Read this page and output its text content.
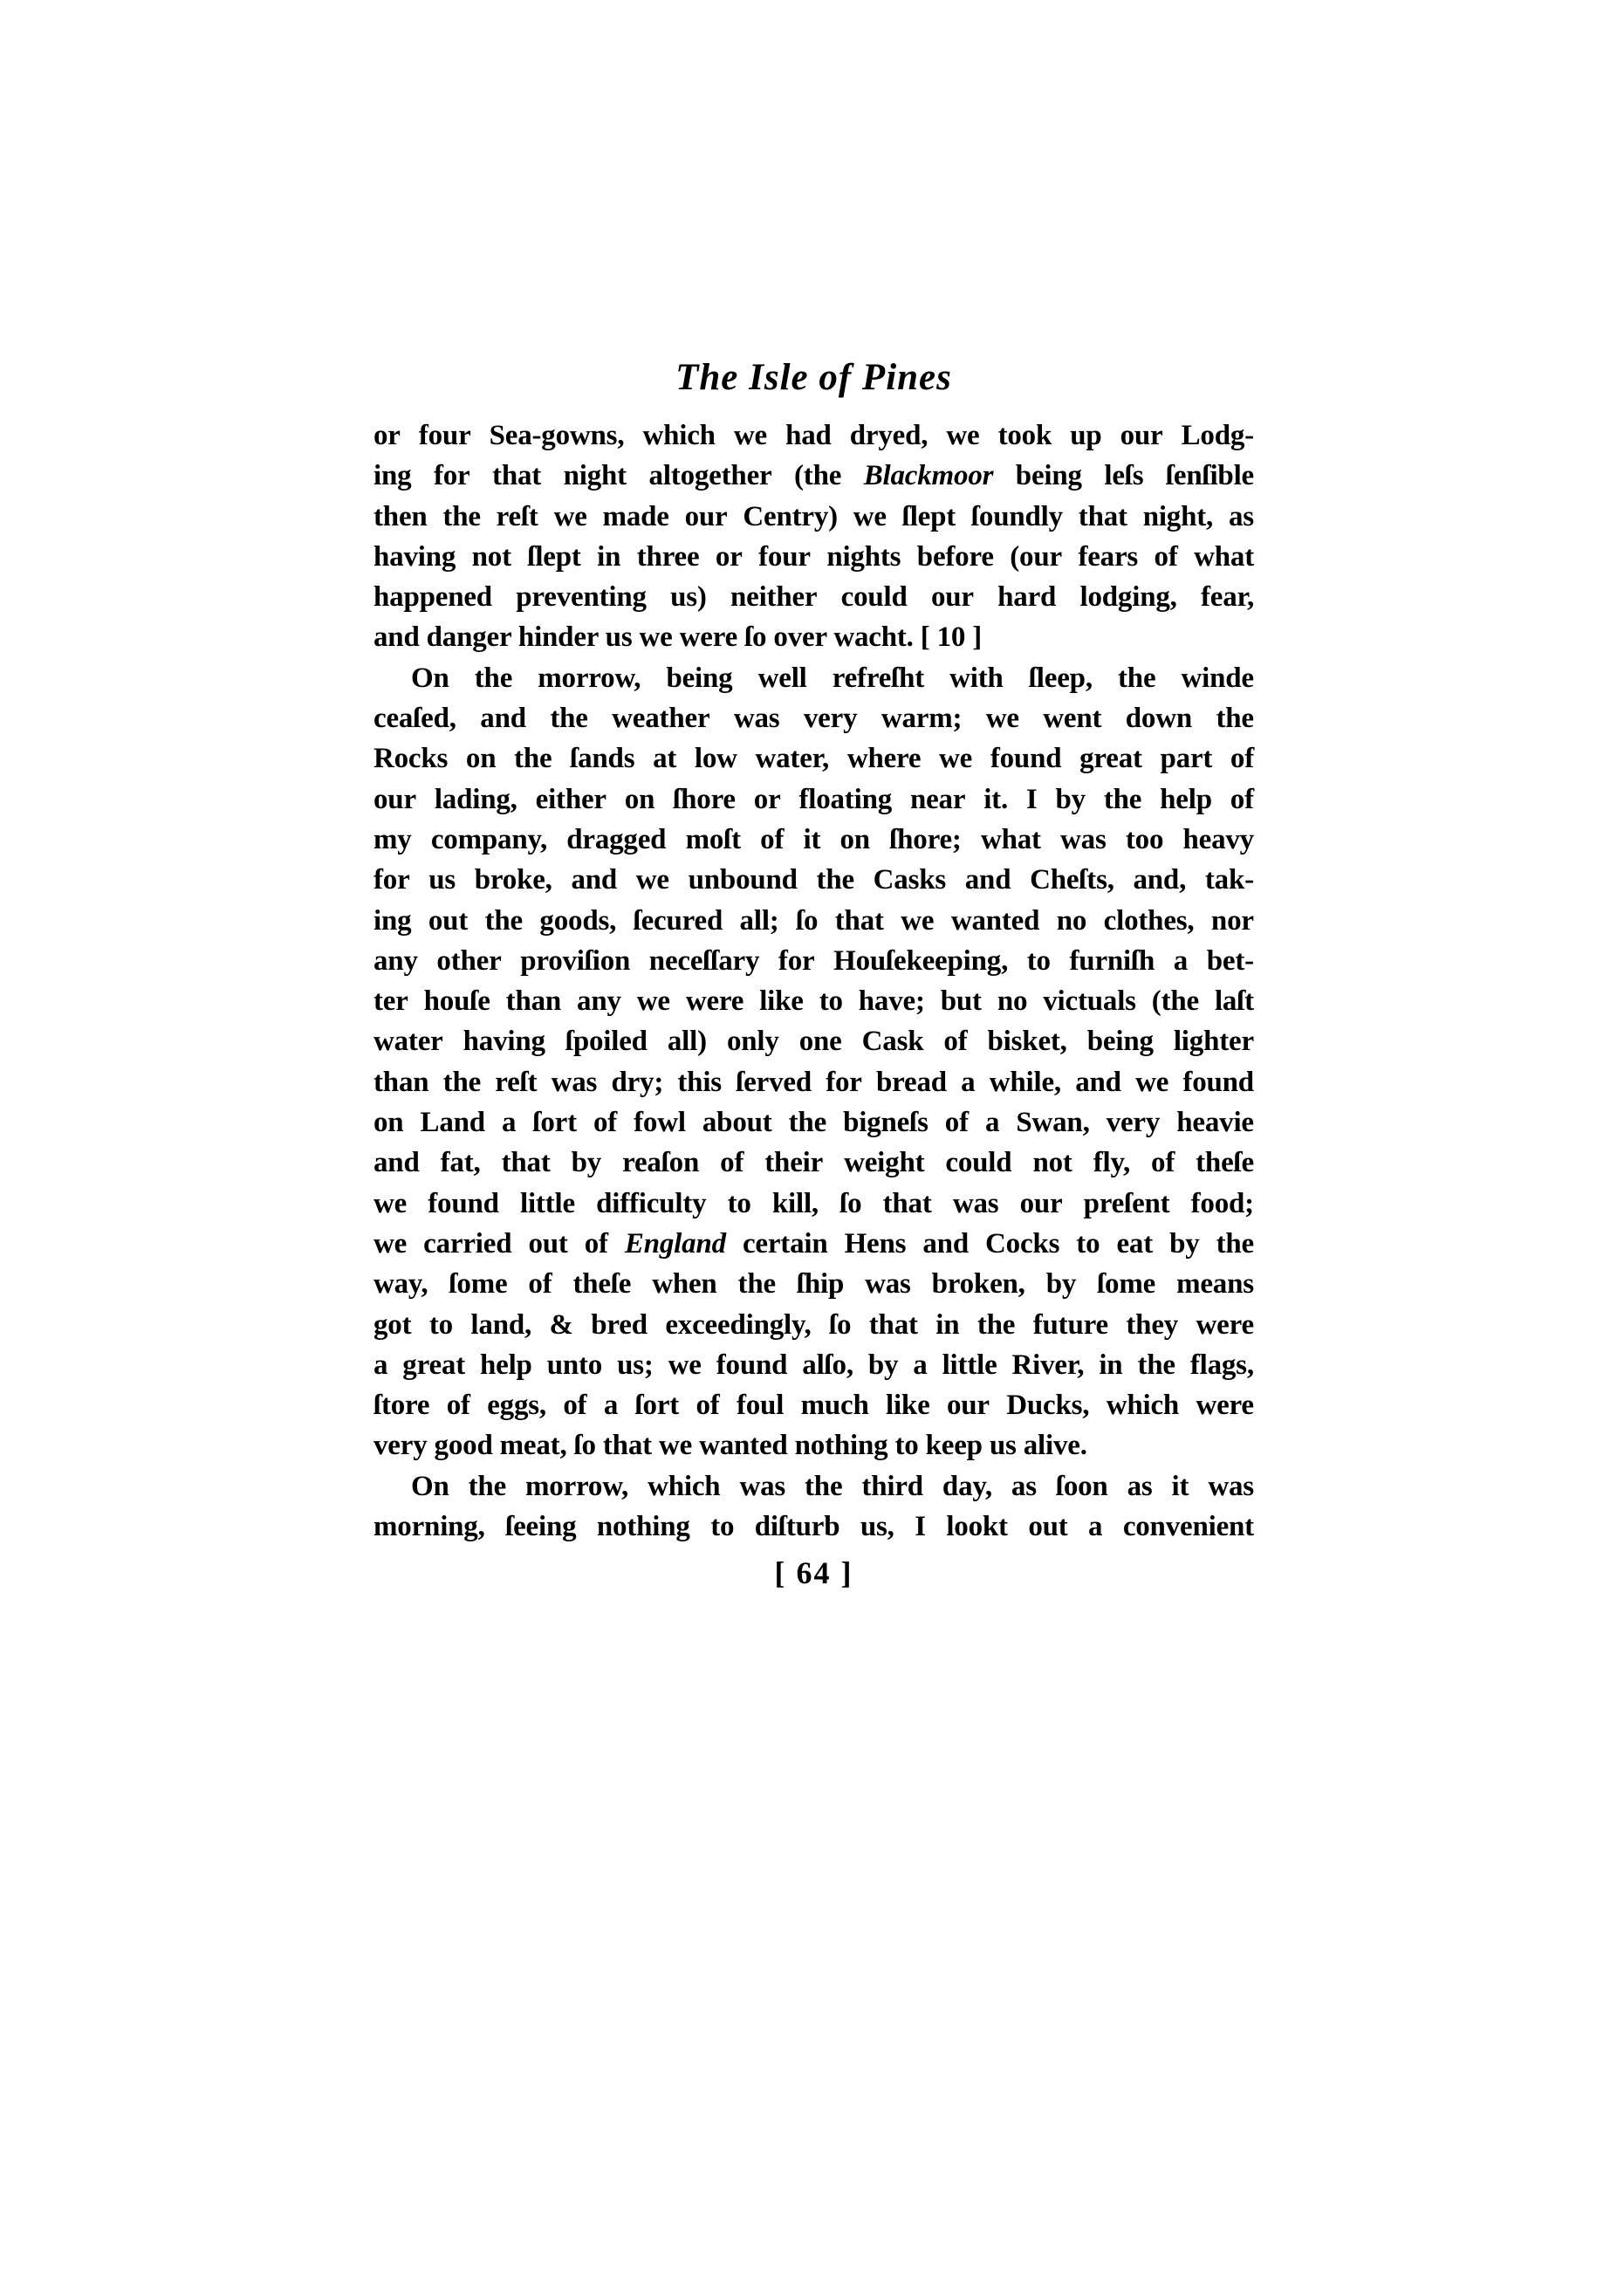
The Isle of Pines
or four Sea-gowns, which we had dryed, we took up our Lodg-
ing for that night altogether (the Blackmoor being leſs ſenſible
then the reſt we made our Centry) we ſlept ſoundly that night, as
having not ſlept in three or four nights before (our fears of what
happened preventing us) neither could our hard lodging, fear,
and danger hinder us we were ſo over wacht. [ 10 ]
On the morrow, being well refreſht with ſleep, the winde
ceaſed, and the weather was very warm; we went down the
Rocks on the ſands at low water, where we found great part of
our lading, either on ſhore or floating near it. I by the help of
my company, dragged moſt of it on ſhore; what was too heavy
for us broke, and we unbound the Casks and Cheſts, and, tak-
ing out the goods, ſecured all; ſo that we wanted no clothes, nor
any other proviſion neceſſary for Houſekeeping, to furniſh a bet-
ter houſe than any we were like to have; but no victuals (the laſt
water having ſpoiled all) only one Cask of bisket, being lighter
than the reſt was dry; this ſerved for bread a while, and we found
on Land a ſort of fowl about the bigneſs of a Swan, very heavie
and fat, that by reaſon of their weight could not fly, of theſe
we found little difficulty to kill, ſo that was our preſent food;
we carried out of England certain Hens and Cocks to eat by the
way, ſome of theſe when the ſhip was broken, by ſome means
got to land, & bred exceedingly, ſo that in the future they were
a great help unto us; we found alſo, by a little River, in the flags,
ſtore of eggs, of a ſort of foul much like our Ducks, which were
very good meat, ſo that we wanted nothing to keep us alive.
On the morrow, which was the third day, as ſoon as it was
morning, ſeeing nothing to diſturb us, I lookt out a convenient
[ 64 ]
